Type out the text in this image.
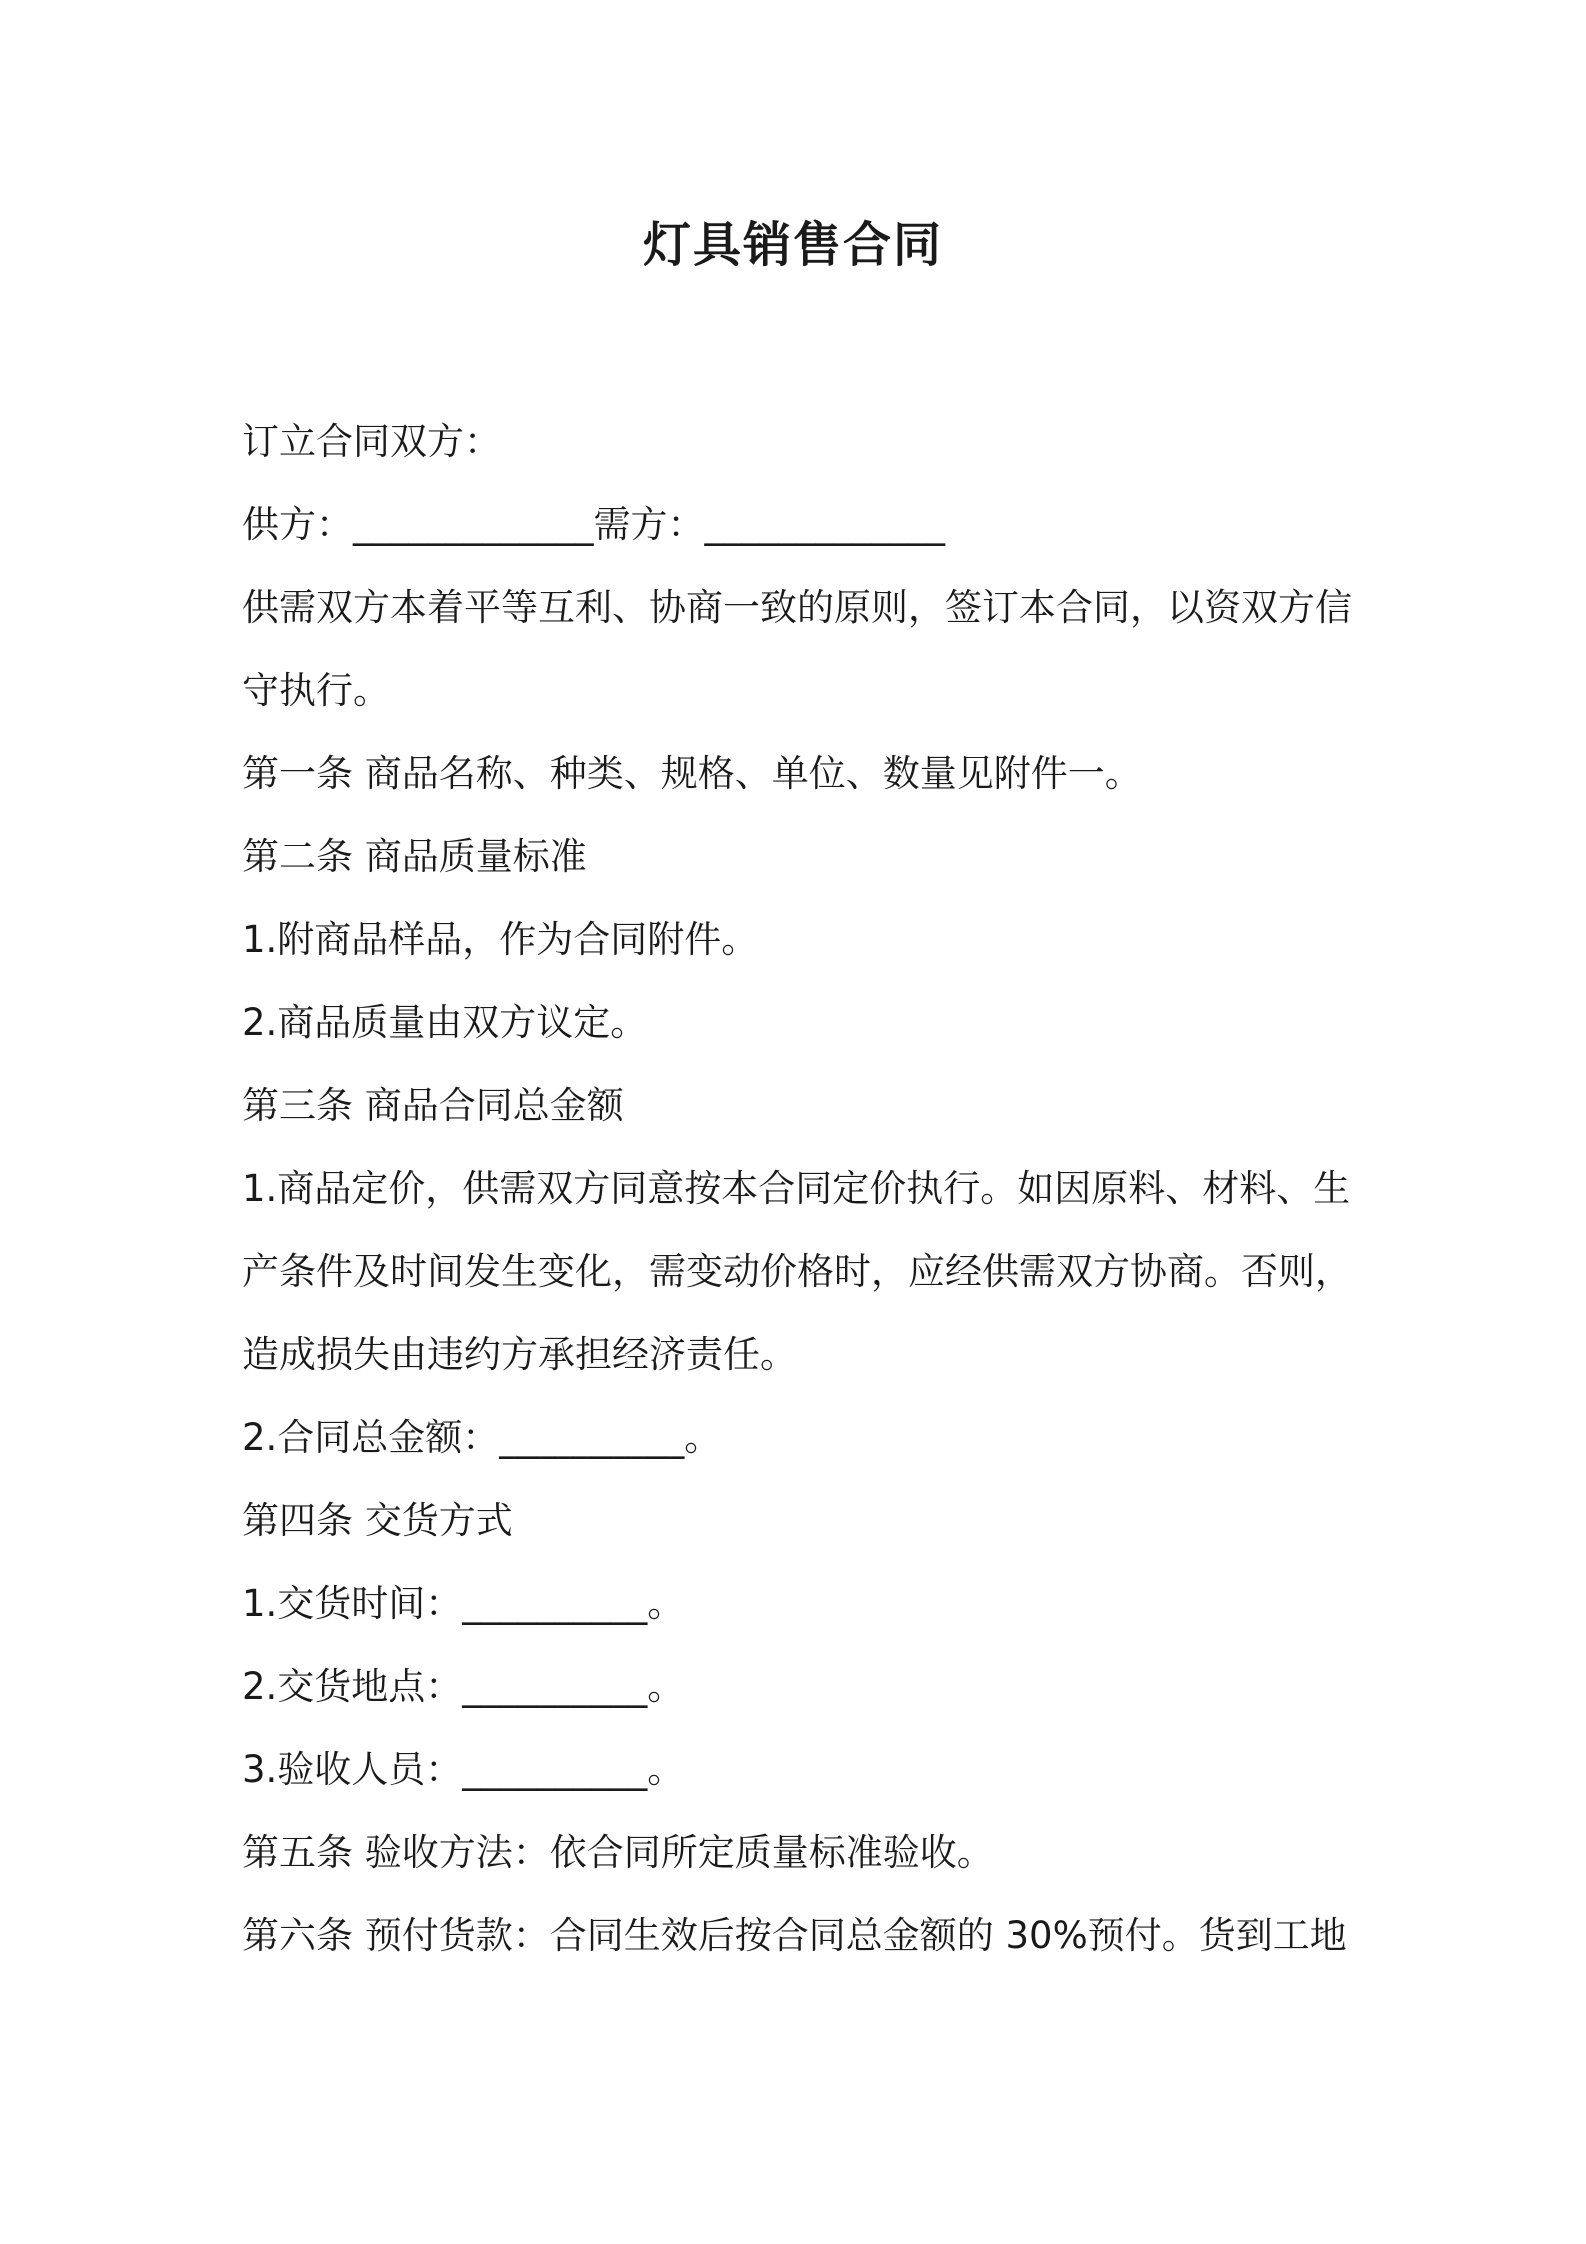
灯具销售合同
订立合同双方：
供方：_____________需方：_____________
供需双方本着平等互利、协商一致的原则，签订本合同，以资双方信
守执行。
第一条 商品名称、种类、规格、单位、数量见附件一。
第二条 商品质量标准
1.附商品样品，作为合同附件。
2.商品质量由双方议定。
第三条 商品合同总金额
1.商品定价，供需双方同意按本合同定价执行。如因原料、材料、生
产条件及时间发生变化，需变动价格时，应经供需双方协商。否则，
造成损失由违约方承担经济责任。
2.合同总金额：__________。
第四条 交货方式
1.交货时间：__________。
2.交货地点：__________。
3.验收人员：__________。
第五条 验收方法：依合同所定质量标准验收。
第六条 预付货款：合同生效后按合同总金额的 30%预付。货到工地
